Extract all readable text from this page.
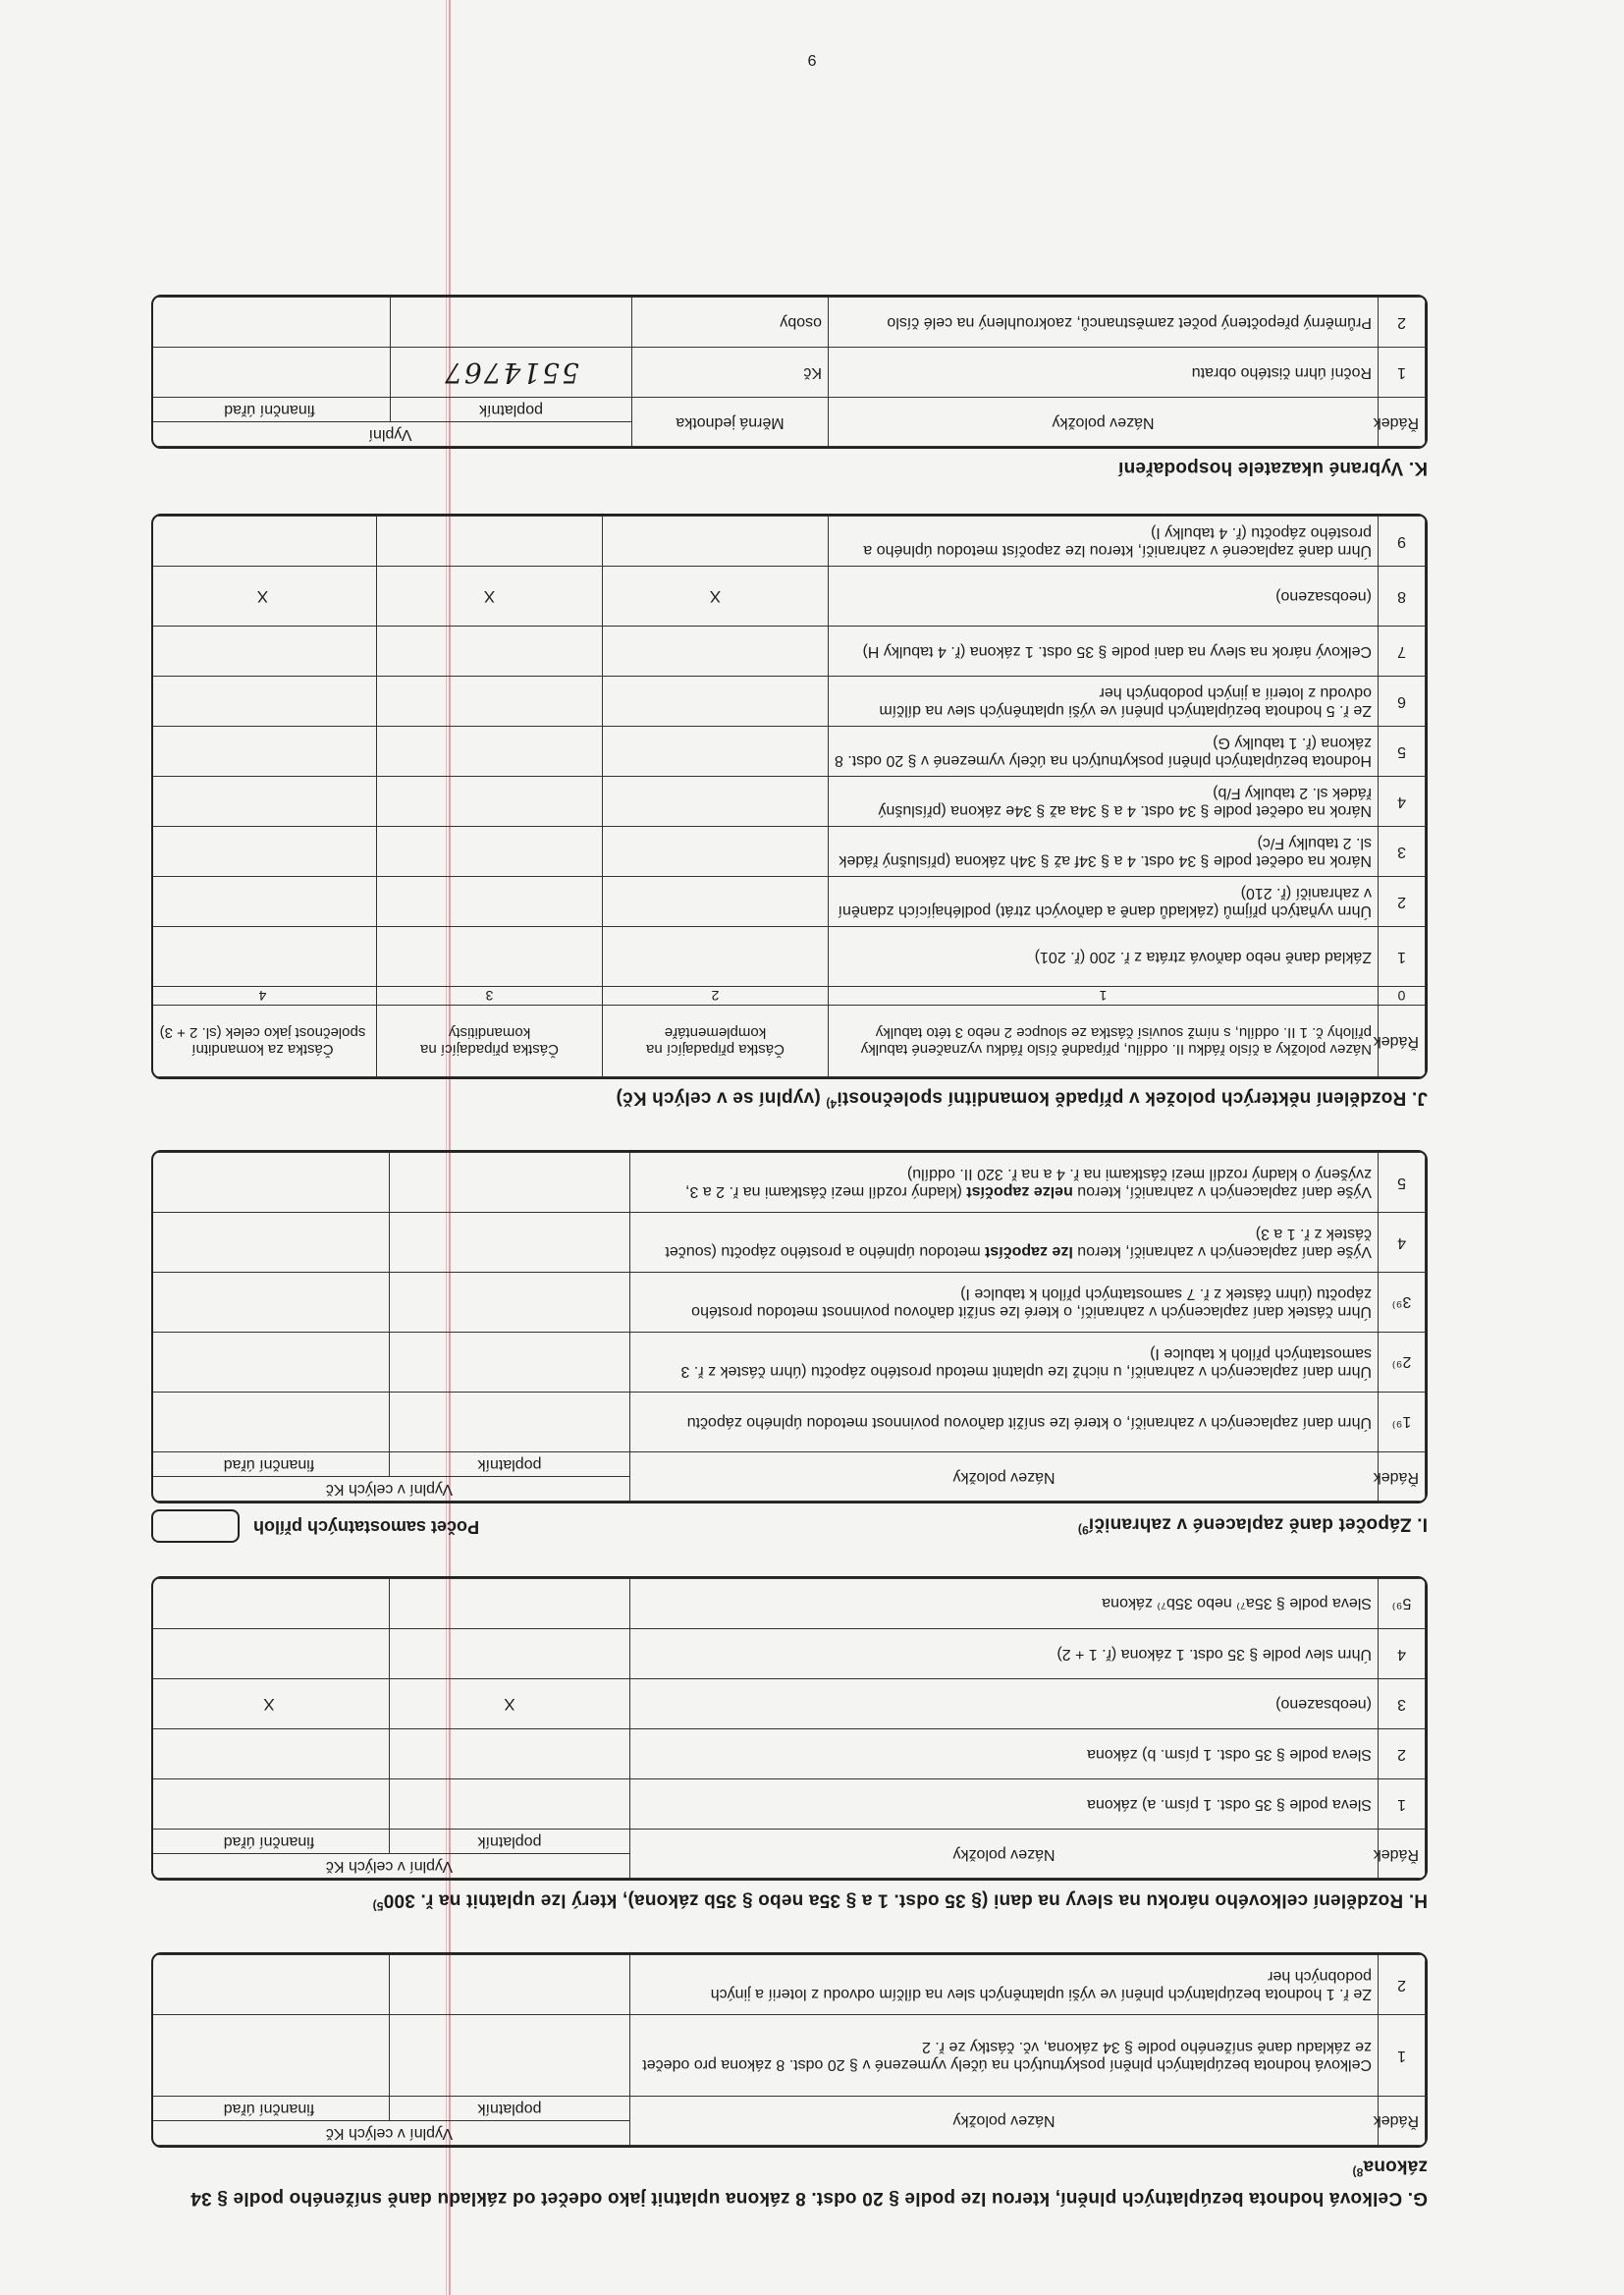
G. Celková hodnota bezúplatných plnění, kterou lze podle § 20 odst. 8 zákona uplatnit jako odečet od základu daně sníženého podle § 34 zákona$^{8)}$
Řádek	Název položky	Vyplní v celých Kč	
		poplatník	finanční úřad
1	Celková hodnota bezúplatných plnění poskytnutých na účely vymezené v § 20 odst. 8 zákona pro odečet ze základu daně sníženého podle § 34 zákona, vč. částky ze ř. 2		
2	Ze ř. 1 hodnota bezúplatných plnění ve výši uplatněných slev na dílčím odvodu z loterií a jiných podobných her		
H. Rozdělení celkového nároku na slevy na dani (§ 35 odst. 1 a § 35a nebo § 35b zákona), který lze uplatnit na ř. 300$^{5)}$
Řádek	Název položky	Vyplní v celých Kč	
		poplatník	finanční úřad
1	Sleva podle § 35 odst. 1 písm. a) zákona		
2	Sleva podle § 35 odst. 1 písm. b) zákona		
3	(neobsazeno)	X	X
4	Úhrn slev podle § 35 odst. 1 zákona (ř. 1 + 2)		
5⁹⁾	Sleva podle § 35a⁷⁾ nebo 35b⁷⁾ zákona		
I. Zápočet daně zaplacené v zahraničí$^{9)}$
Počet samostatných příloh
Řádek	Název položky	Vyplní v celých Kč	
		poplatník	finanční úřad
1⁹⁾	Úhrn daní zaplacených v zahraničí, o které lze snížit daňovou povinnost metodou úplného zápočtu		
2⁹⁾	Úhrn daní zaplacených v zahraničí, u nichž lze uplatnit metodu prostého zápočtu (úhrn částek z ř. 3 samostatných příloh k tabulce I)		
3⁹⁾	Úhrn částek daní zaplacených v zahraničí, o které lze snížit daňovou povinnost metodou prostého zápočtu (úhrn částek z ř. 7 samostatných příloh k tabulce I)		
4	Výše daní zaplacených v zahraničí, kterou lze započíst metodou úplného a prostého zápočtu (součet částek z ř. 1 a 3)		
5	Výše daní zaplacených v zahraničí, kterou nelze započíst (kladný rozdíl mezi částkami na ř. 2 a 3, zvýšený o kladný rozdíl mezi částkami na ř. 4 a na ř. 320 II. oddílu)		
J. Rozdělení některých položek v případě komanditní společnosti$^{4)}$ (vyplní se v celých Kč)
Řádek	Název položky a číslo řádku II. oddílu, případně číslo řádku vyznačené tabulky přílohy č. 1 II. oddílu, s nímž souvisí částka ze sloupce 2 nebo 3 této tabulky	Částka připadající na komplementáře	Částka připadající na komanditisty	Částka za komanditní společnost jako celek (sl. 2 + 3)
0	1	2	3	4
1	Základ daně nebo daňová ztráta z ř. 200 (ř. 201)			
2	Úhrn vyňatých příjmů (základů daně a daňových ztrát) podléhajících zdanění v zahraničí (ř. 210)			
3	Nárok na odečet podle § 34 odst. 4 a § 34f až § 34h zákona (příslušný řádek sl. 2 tabulky F/c)			
4	Nárok na odečet podle § 34 odst. 4 a § 34a až § 34e zákona (příslušný řádek sl. 2 tabulky F/b)			
5	Hodnota bezúplatných plnění poskytnutých na účely vymezené v § 20 odst. 8 zákona (ř. 1 tabulky G)			
6	Ze ř. 5 hodnota bezúplatných plnění ve výši uplatněných slev na dílčím odvodu z loterií a jiných podobných her			
7	Celkový nárok na slevy na dani podle § 35 odst. 1 zákona (ř. 4 tabulky H)			
8	(neobsazeno)	X	X	X
9	Úhrn daně zaplacené v zahraničí, kterou lze započíst metodou úplného a prostého zápočtu (ř. 4 tabulky I)			
K. Vybrané ukazatele hospodaření
Řádek	Název položky	Měrná jednotka	Vyplní	
			poplatník	finanční úřad
1	Roční úhrn čistého obratu	Kč	5514767	
2	Průměrný přepočtený počet zaměstnanců, zaokrouhlený na celé číslo	osoby		
9
